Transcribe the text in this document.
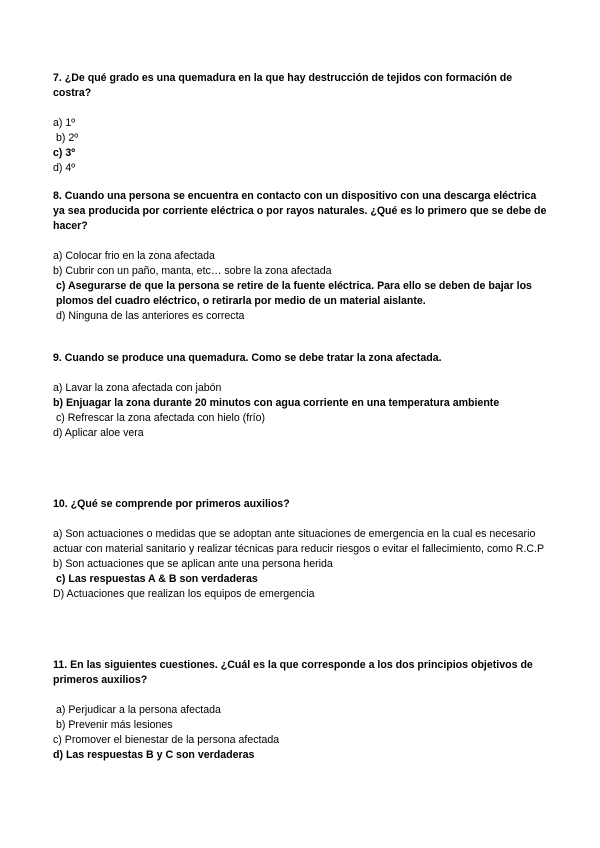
7. ¿De qué grado es una quemadura en la que hay destrucción de tejidos con formación de costra?

a) 1º

b) 2º

c) 3º

d) 4º

8. Cuando una persona se encuentra en contacto con un dispositivo con una descarga eléctrica ya sea producida por corriente eléctrica o por rayos naturales. ¿Qué es lo primero que se debe de hacer?

a) Colocar frio en la zona afectada

b) Cubrir con un paño, manta, etc… sobre la zona afectada

c) Asegurarse de que la persona se retire de la fuente eléctrica. Para ello se deben de bajar los plomos del cuadro eléctrico, o retirarla por medio de un material aislante.

d) Ninguna de las anteriores es correcta

9. Cuando se produce una quemadura. Como se debe tratar la zona afectada.

a) Lavar la zona afectada con jabón

b) Enjuagar la zona durante 20 minutos con agua corriente en una temperatura ambiente

c) Refrescar la zona afectada con hielo (frío)

d) Aplicar aloe vera

10. ¿Qué se comprende por primeros auxilios?

a) Son actuaciones o medidas que se adoptan ante situaciones de emergencia en la cual es necesario actuar con material sanitario y realizar técnicas para reducir riesgos o evitar el fallecimiento, como R.C.P

b) Son actuaciones que se aplican ante una persona herida

c) Las respuestas A & B son verdaderas

D) Actuaciones que realizan los equipos de emergencia

11. En las siguientes cuestiones. ¿Cuál es la que corresponde a los dos principios objetivos de primeros auxilios?

a) Perjudicar a la persona afectada

b) Prevenir más lesiones

c) Promover el bienestar de la persona afectada

d) Las respuestas B y C son verdaderas
